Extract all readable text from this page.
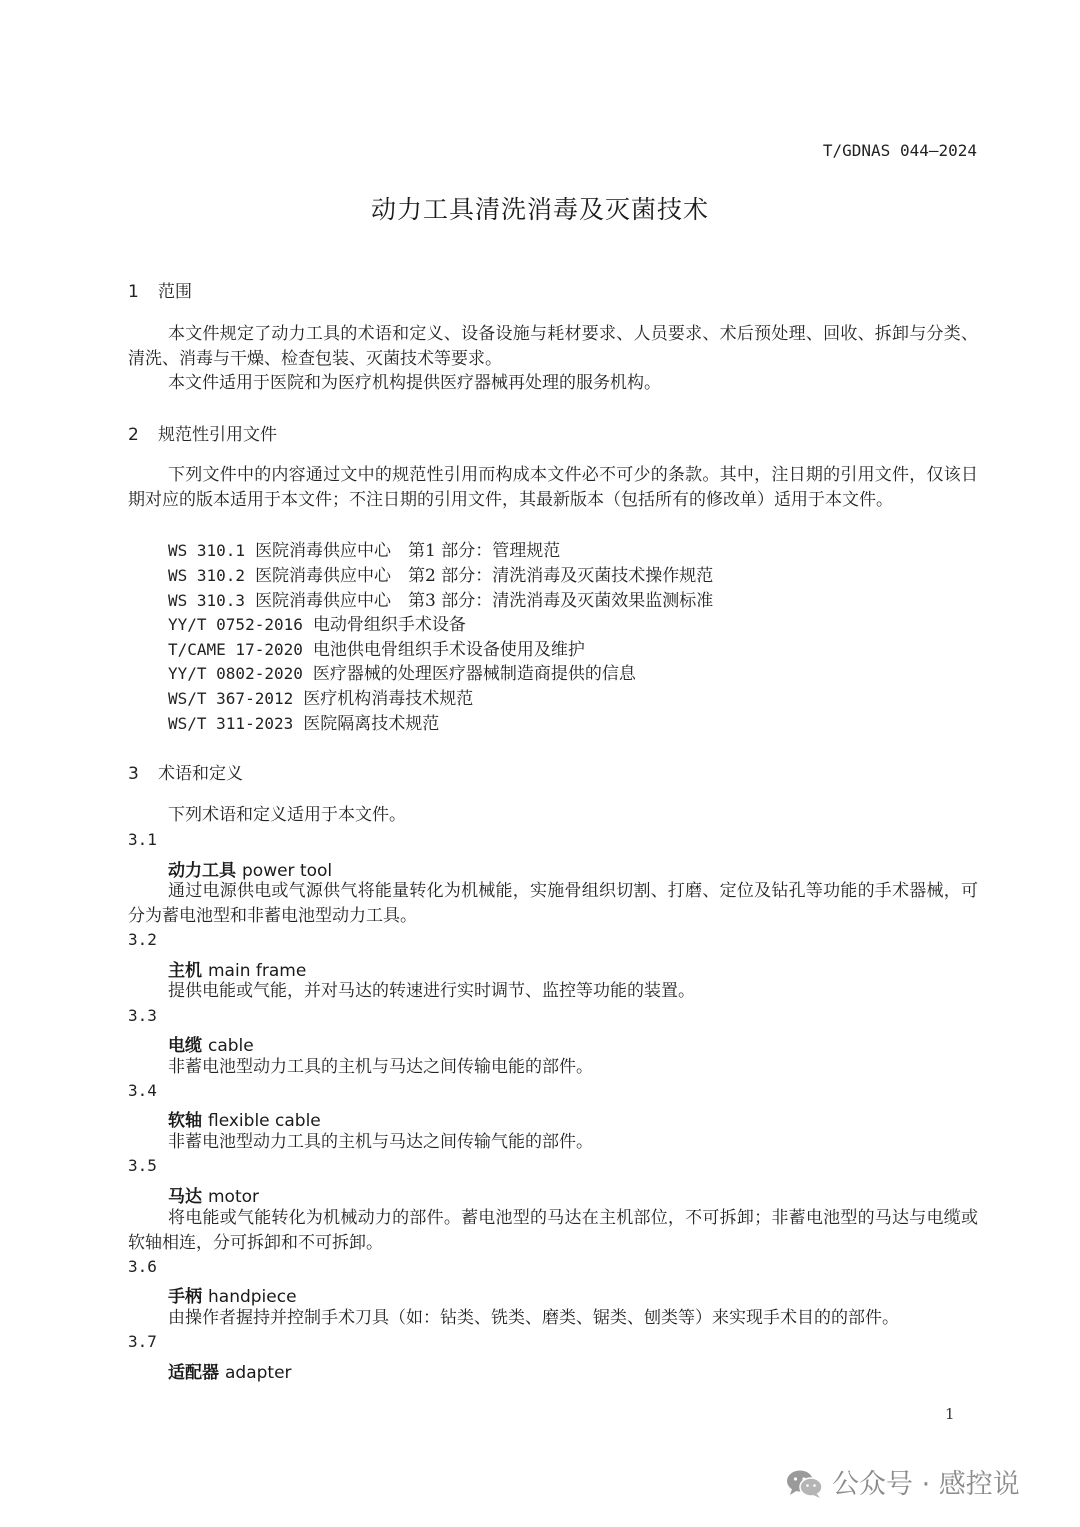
T/GDNAS 044—2024
动力工具清洗消毒及灭菌技术
1 范围
本文件规定了动力工具的术语和定义、设备设施与耗材要求、人员要求、术后预处理、回收、拆卸与分类、清洗、消毒与干燥、检查包装、灭菌技术等要求。
本文件适用于医院和为医疗机构提供医疗器械再处理的服务机构。
2 规范性引用文件
下列文件中的内容通过文中的规范性引用而构成本文件必不可少的条款。其中，注日期的引用文件，仅该日期对应的版本适用于本文件；不注日期的引用文件，其最新版本（包括所有的修改单）适用于本文件。
WS 310.1 医院消毒供应中心　第1 部分：管理规范
WS 310.2 医院消毒供应中心　第2 部分：清洗消毒及灭菌技术操作规范
WS 310.3 医院消毒供应中心　第3 部分：清洗消毒及灭菌效果监测标准
YY/T 0752-2016 电动骨组织手术设备
T/CAME 17-2020 电池供电骨组织手术设备使用及维护
YY/T 0802-2020 医疗器械的处理医疗器械制造商提供的信息
WS/T 367-2012 医疗机构消毒技术规范
WS/T 311-2023 医院隔离技术规范
3 术语和定义
下列术语和定义适用于本文件。
3.1
动力工具 power tool
通过电源供电或气源供气将能量转化为机械能，实施骨组织切割、打磨、定位及钻孔等功能的手术器械，可分为蓄电池型和非蓄电池型动力工具。
3.2
主机 main frame
提供电能或气能，并对马达的转速进行实时调节、监控等功能的装置。
3.3
电缆 cable
非蓄电池型动力工具的主机与马达之间传输电能的部件。
3.4
软轴 flexible cable
非蓄电池型动力工具的主机与马达之间传输气能的部件。
3.5
马达 motor
将电能或气能转化为机械动力的部件。蓄电池型的马达在主机部位，不可拆卸；非蓄电池型的马达与电缆或软轴相连，分可拆卸和不可拆卸。
3.6
手柄 handpiece
由操作者握持并控制手术刀具（如：钻类、铣类、磨类、锯类、刨类等）来实现手术目的的部件。
3.7
适配器 adapter
1
公众号 · 感控说
